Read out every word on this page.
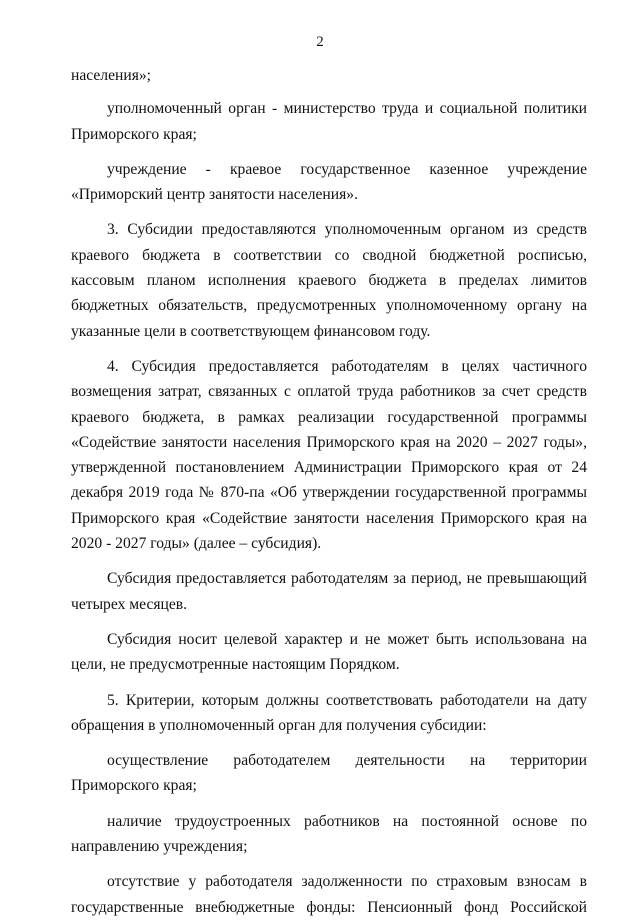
2

населения»;

уполномоченный орган - министерство труда и социальной политики Приморского края;

учреждение - краевое государственное казенное учреждение «Приморский центр занятости населения».

3. Субсидии предоставляются уполномоченным органом из средств краевого бюджета в соответствии со сводной бюджетной росписью, кассовым планом исполнения краевого бюджета в пределах лимитов бюджетных обязательств, предусмотренных уполномоченному органу на указанные цели в соответствующем финансовом году.

4. Субсидия предоставляется работодателям в целях частичного возмещения затрат, связанных с оплатой труда работников за счет средств краевого бюджета, в рамках реализации государственной программы «Содействие занятости населения Приморского края на 2020 – 2027 годы», утвержденной постановлением Администрации Приморского края от 24 декабря 2019 года № 870-па «Об утверждении государственной программы Приморского края «Содействие занятости населения Приморского края на 2020 - 2027 годы» (далее – субсидия).

Субсидия предоставляется работодателям за период, не превышающий четырех месяцев.

Субсидия носит целевой характер и не может быть использована на цели, не предусмотренные настоящим Порядком.

5. Критерии, которым должны соответствовать работодатели на дату обращения в уполномоченный орган для получения субсидии:

осуществление работодателем деятельности на территории Приморского края;

наличие трудоустроенных работников на постоянной основе по направлению учреждения;

отсутствие у работодателя задолженности по страховым взносам в государственные внебюджетные фонды: Пенсионный фонд Российской
